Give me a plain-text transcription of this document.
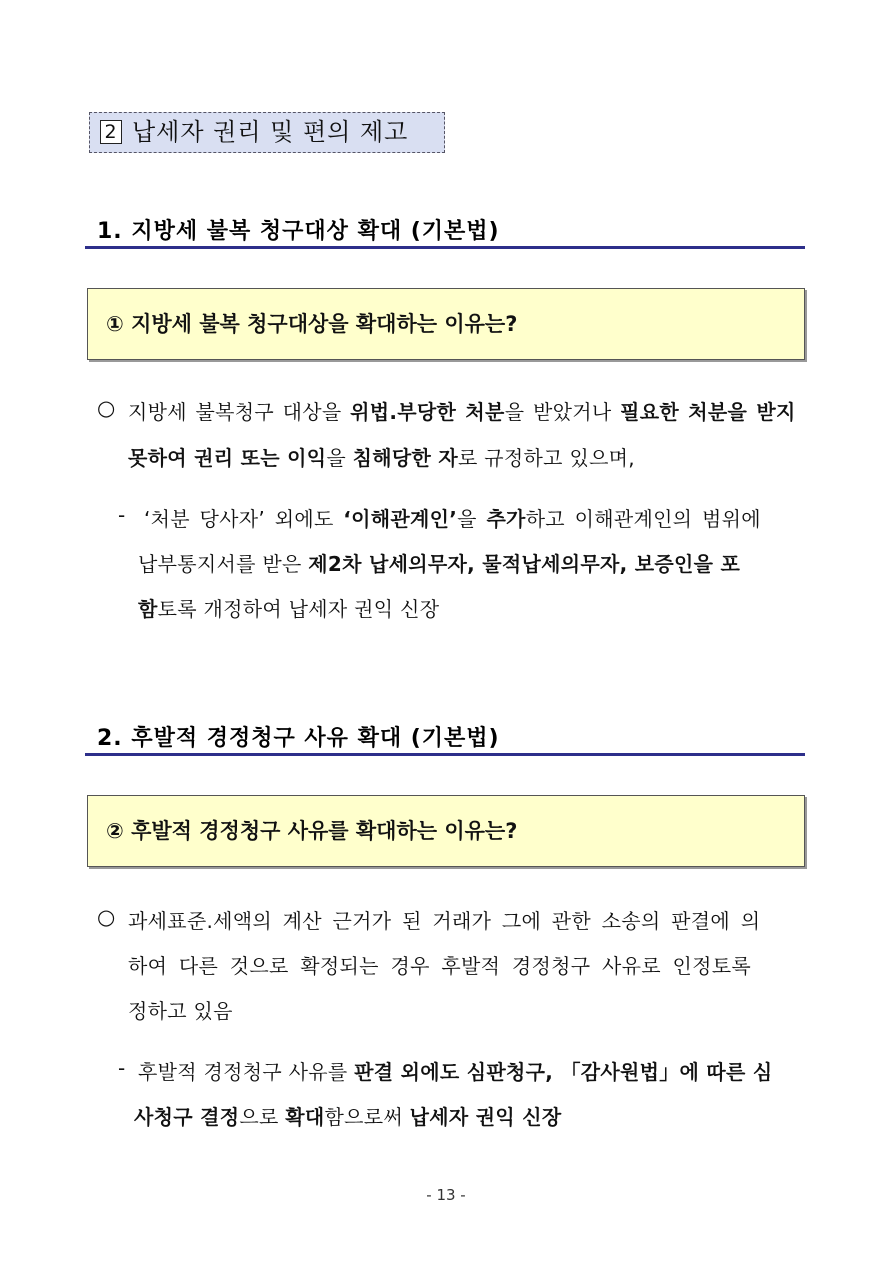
2 납세자 권리 및 편의 제고
1. 지방세 불복 청구대상 확대 (기본법)
① 지방세 불복 청구대상을 확대하는 이유는?
○ 지방세 불복청구 대상을 위법.부당한 처분을 받았거나 필요한 처분을 받지
못하여 권리 또는 이익을 침해당한 자로 규정하고 있으며,
- ‘처분 당사자’ 외에도 ‘이해관계인’을 추가하고 이해관계인의 범위에
납부통지서를 받은 제2차 납세의무자, 물적납세의무자, 보증인을 포
함토록 개정하여 납세자 권익 신장
2. 후발적 경정청구 사유 확대 (기본법)
② 후발적 경정청구 사유를 확대하는 이유는?
○ 과세표준.세액의 계산 근거가 된 거래가 그에 관한 소송의 판결에 의
하여 다른 것으로 확정되는 경우 후발적 경정청구 사유로 인정토록
정하고 있음
- 후발적 경정청구 사유를 판결 외에도 심판청구, 「감사원법」에 따른 심
사청구 결정으로 확대함으로써 납세자 권익 신장
- 13 -
